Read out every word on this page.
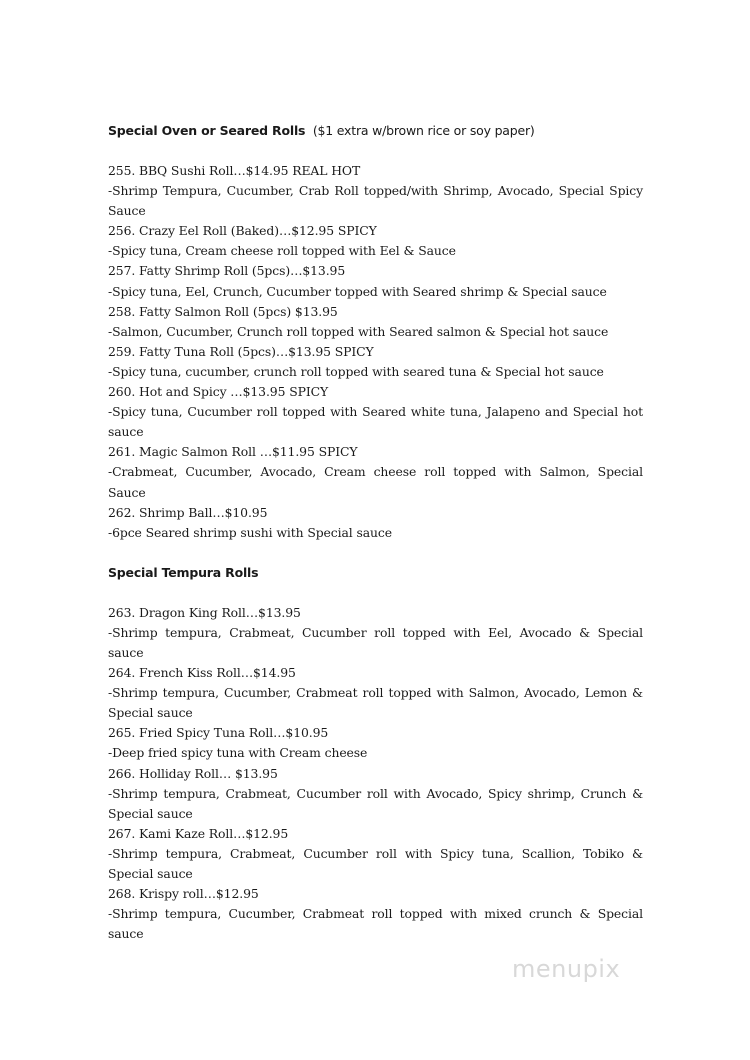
Special Oven or Seared Rolls  ($1 extra w/brown rice or soy paper)
255. BBQ Sushi Roll…$14.95 REAL HOT
-Shrimp Tempura, Cucumber, Crab Roll topped/with Shrimp, Avocado, Special Spicy Sauce
256. Crazy Eel Roll (Baked)…$12.95 SPICY
-Spicy tuna, Cream cheese roll topped with Eel & Sauce
257. Fatty Shrimp Roll (5pcs)…$13.95
-Spicy tuna, Eel, Crunch, Cucumber topped with Seared shrimp & Special sauce
258. Fatty Salmon Roll (5pcs) $13.95
-Salmon, Cucumber, Crunch roll topped with Seared salmon & Special hot sauce
259. Fatty Tuna Roll (5pcs)…$13.95 SPICY
-Spicy tuna, cucumber, crunch roll topped with seared tuna & Special hot sauce
260. Hot and Spicy …$13.95 SPICY
-Spicy tuna, Cucumber roll topped with Seared white tuna, Jalapeno and Special hot sauce
261. Magic Salmon Roll …$11.95 SPICY
-Crabmeat, Cucumber, Avocado, Cream cheese roll topped with Salmon, Special Sauce
262. Shrimp Ball…$10.95
-6pce Seared shrimp sushi with Special sauce
Special Tempura Rolls
263. Dragon King Roll…$13.95
-Shrimp tempura, Crabmeat, Cucumber roll topped with Eel, Avocado & Special sauce
264. French Kiss Roll…$14.95
-Shrimp tempura, Cucumber, Crabmeat roll topped with Salmon, Avocado, Lemon & Special sauce
265. Fried Spicy Tuna Roll…$10.95
-Deep fried spicy tuna with Cream cheese
266. Holliday Roll… $13.95
-Shrimp tempura, Crabmeat, Cucumber roll with Avocado, Spicy shrimp, Crunch & Special sauce
267. Kami Kaze Roll…$12.95
-Shrimp tempura, Crabmeat, Cucumber roll with Spicy tuna, Scallion, Tobiko & Special sauce
268. Krispy roll…$12.95
-Shrimp tempura, Cucumber, Crabmeat roll topped with mixed crunch & Special sauce
menupix
